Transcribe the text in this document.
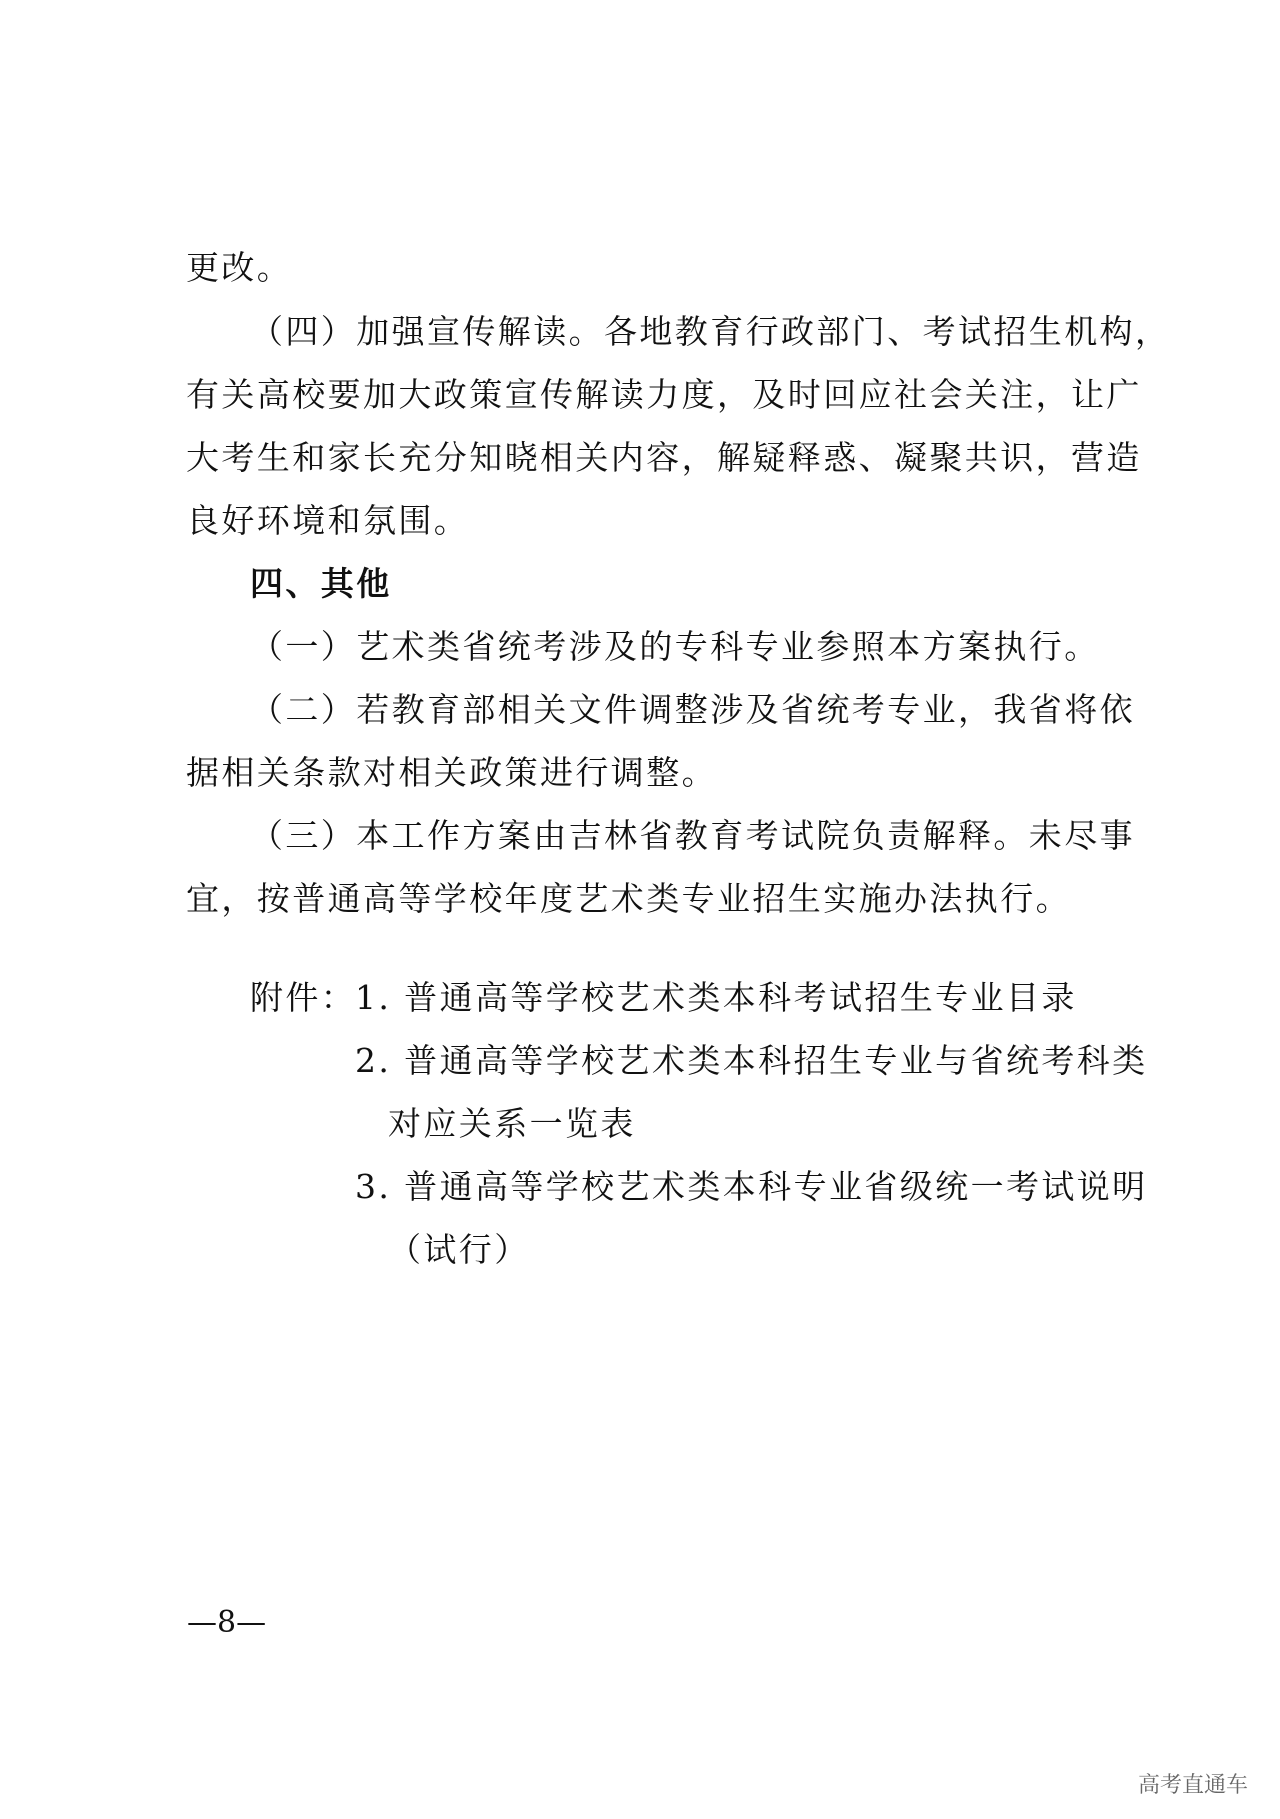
更改。
（四）加强宣传解读。各地教育行政部门、考试招生机构，
有关高校要加大政策宣传解读力度，及时回应社会关注，让广
大考生和家长充分知晓相关内容，解疑释惑、凝聚共识，营造
良好环境和氛围。
四、其他
（一）艺术类省统考涉及的专科专业参照本方案执行。
（二）若教育部相关文件调整涉及省统考专业，我省将依
据相关条款对相关政策进行调整。
（三）本工作方案由吉林省教育考试院负责解释。未尽事
宜，按普通高等学校年度艺术类专业招生实施办法执行。
附件：
1. 普通高等学校艺术类本科考试招生专业目录
2. 普通高等学校艺术类本科招生专业与省统考科类
对应关系一览表
3. 普通高等学校艺术类本科专业省级统一考试说明
（试行）
—8—
高考直通车
